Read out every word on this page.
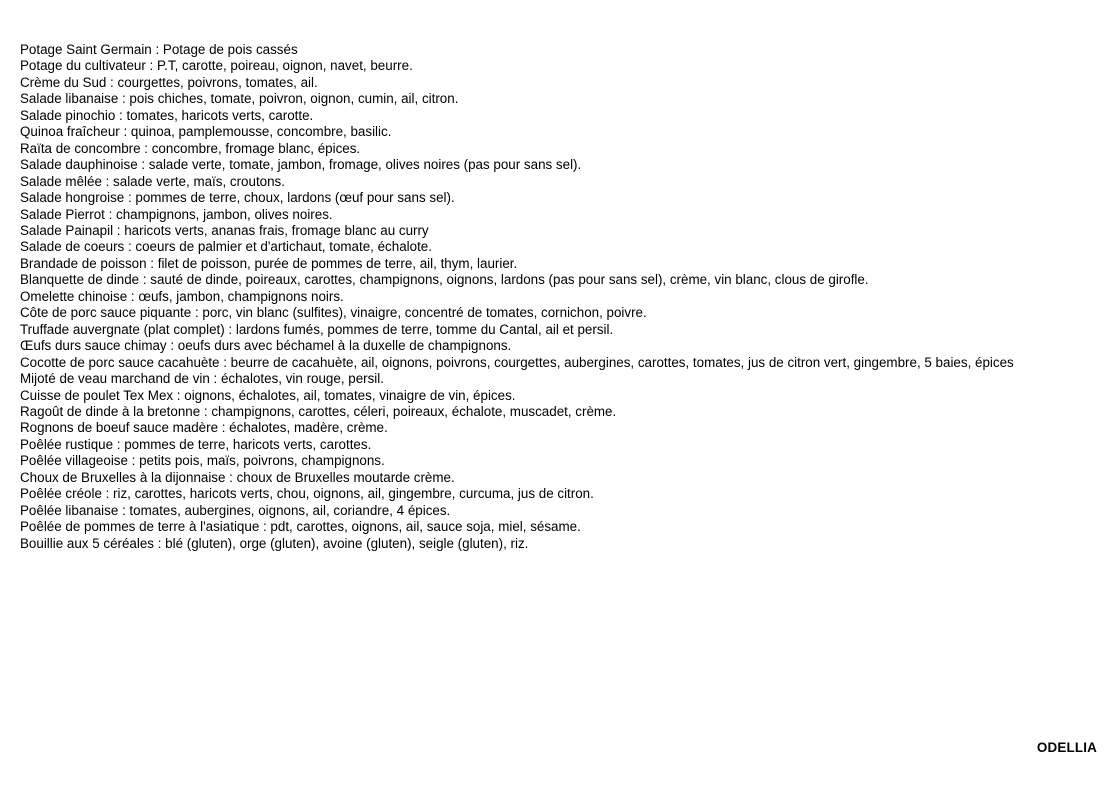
Potage Saint Germain : Potage de pois cassés
Potage du cultivateur : P.T, carotte, poireau, oignon, navet, beurre.
Crème du Sud : courgettes, poivrons, tomates, ail.
Salade libanaise : pois chiches, tomate, poivron, oignon, cumin, ail, citron.
Salade pinochio : tomates, haricots verts, carotte.
Quinoa fraîcheur : quinoa, pamplemousse, concombre, basilic.
Raïta de concombre : concombre, fromage blanc, épices.
Salade dauphinoise : salade verte, tomate, jambon, fromage, olives noires (pas pour sans sel).
Salade mêlée : salade verte, maïs, croutons.
Salade hongroise : pommes de terre, choux, lardons (œuf pour sans sel).
Salade Pierrot : champignons, jambon, olives noires.
Salade Painapil : haricots verts, ananas frais, fromage blanc au curry
Salade de coeurs : coeurs de palmier et d'artichaut, tomate, échalote.
Brandade de poisson : filet de poisson, purée de pommes de terre, ail, thym, laurier.
Blanquette de dinde : sauté de dinde, poireaux, carottes, champignons, oignons, lardons (pas pour sans sel), crème, vin blanc, clous de girofle.
Omelette chinoise : œufs, jambon, champignons noirs.
Côte de porc sauce piquante : porc, vin blanc (sulfites), vinaigre, concentré de tomates, cornichon, poivre.
Truffade auvergnate (plat complet) : lardons fumés, pommes de terre, tomme du Cantal, ail et persil.
Œufs durs sauce chimay : oeufs durs avec béchamel à la duxelle de champignons.
Cocotte de porc sauce cacahuète : beurre de cacahuète, ail, oignons, poivrons, courgettes, aubergines, carottes, tomates, jus de citron vert, gingembre, 5 baies, épices
Mijoté de veau marchand de vin : échalotes, vin rouge, persil.
Cuisse de poulet Tex Mex : oignons, échalotes, ail, tomates, vinaigre de vin, épices.
Ragoût de dinde à la bretonne : champignons, carottes, céleri, poireaux, échalote, muscadet, crème.
Rognons de boeuf sauce madère : échalotes, madère, crème.
Poêlée rustique : pommes de terre, haricots verts, carottes.
Poêlée villageoise : petits pois, maïs, poivrons, champignons.
Choux de Bruxelles à la dijonnaise : choux de Bruxelles moutarde crème.
Poêlée créole : riz, carottes, haricots verts, chou, oignons, ail, gingembre, curcuma, jus de citron.
Poêlée libanaise : tomates, aubergines, oignons, ail, coriandre, 4 épices.
Poêlée de pommes de terre à l'asiatique : pdt, carottes, oignons, ail, sauce soja, miel, sésame.
Bouillie aux 5 céréales : blé (gluten), orge (gluten), avoine (gluten), seigle (gluten), riz.
ODELLIA
